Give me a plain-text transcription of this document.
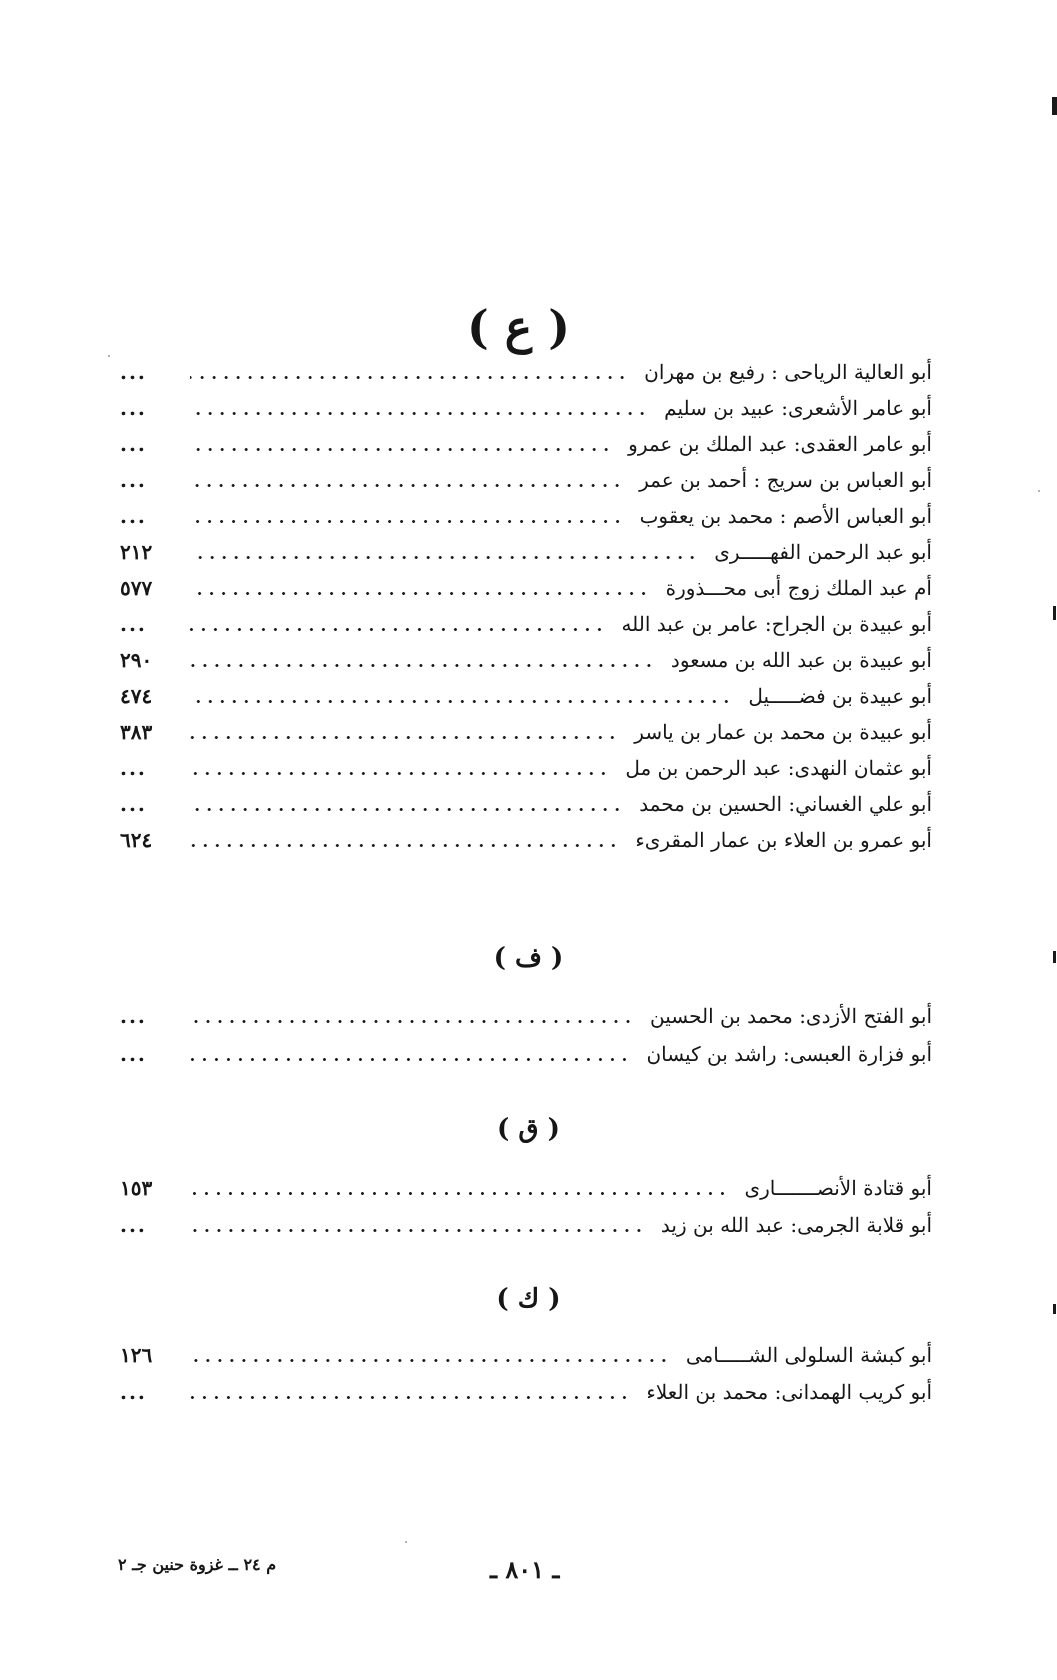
( ع )
أبو العالية الرياحى : رفيع بن مهران
...
أبو عامر الأشعرى: عبيد بن سليم
...
أبو عامر العقدى: عبد الملك بن عمرو
...
أبو العباس بن سريج : أحمد بن عمر
...
أبو العباس الأصم : محمد بن يعقوب
...
أبو عبد الرحمن الفهـــــرى
٢١٢
أم عبد الملك زوج أبى محـــذورة
٥٧٧
أبو عبيدة بن الجراح: عامر بن عبد الله
...
أبو عبيدة بن عبد الله بن مسعود
٢٩٠
أبو عبيدة بن فضـــــيل
٤٧٤
أبو عبيدة بن محمد بن عمار بن ياسر
٣٨٣
أبو عثمان النهدى: عبد الرحمن بن مل
...
أبو علي الغساني: الحسين بن محمد
...
أبو عمرو بن العلاء بن عمار المقرىء
٦٢٤
( ف )
أبو الفتح الأزدى: محمد بن الحسين
...
أبو فزارة العبسى: راشد بن كيسان
...
( ق )
أبو قتادة الأنصـــــــارى
١٥٣
أبو قلابة الجرمى: عبد الله بن زيد
...
( ك )
أبو كبشة السلولى الشـــــامى
١٢٦
أبو كريب الهمدانى: محمد بن العلاء
...
ـ ٨٠١ ـ
م ٢٤ ــ غزوة حنين جـ ٢
